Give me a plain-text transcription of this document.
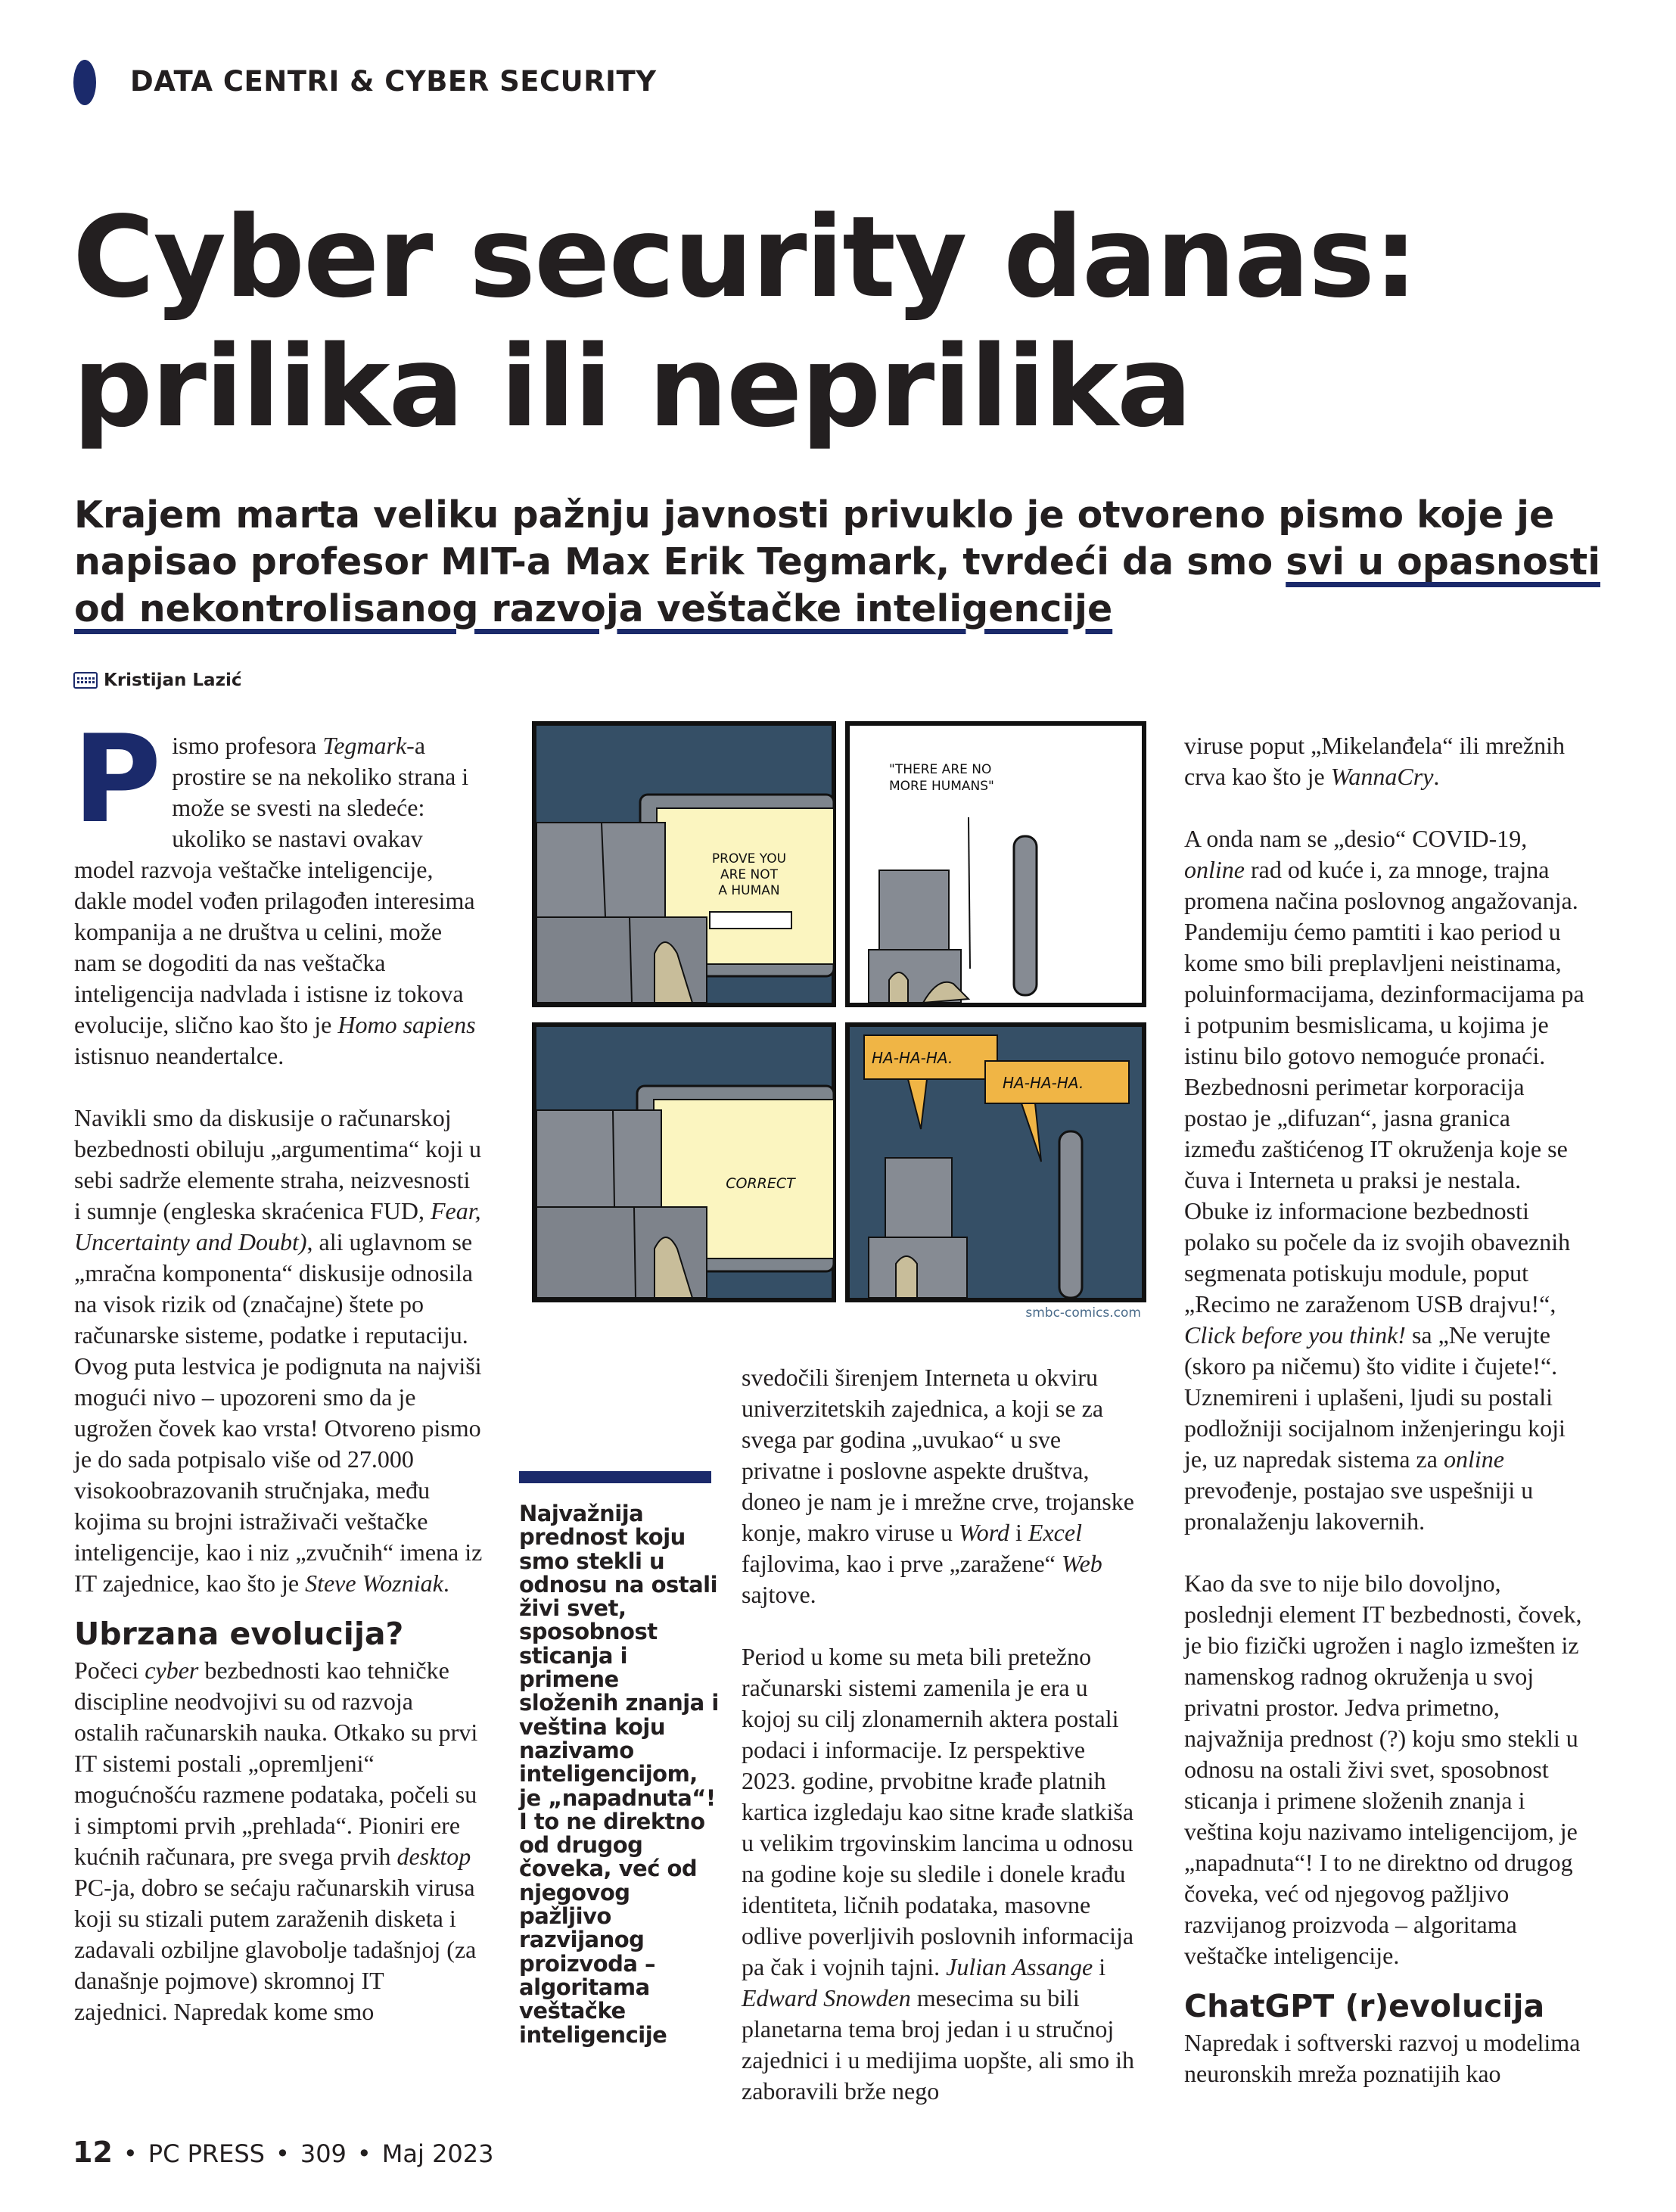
DATA CENTRI & CYBER SECURITY
Cyber security danas:
prilika ili neprilika
Krajem marta veliku pažnju javnosti privuklo je otvoreno pismo koje je napisao profesor MIT-a Max Erik Tegmark, tvrdeći da smo svi u opasnosti od nekontrolisanog razvoja veštačke inteligencije
Kristijan Lazić

Pismo profesora Tegmark-a prostire se na nekoliko strana i može se svesti na sledeće: ukoliko se nastavi ovakav model razvoja veštačke inteligencije, dakle model vođen prilagođen interesima kompanija a ne društva u celini, može nam se dogoditi da nas veštačka inteligencija nadvlada i istisne iz tokova evolucije, slično kao što je Homo sapiens istisnuo neandertalce.

Navikli smo da diskusije o računarskoj bezbednosti obiluju „argumentima“ koji u sebi sadrže elemente straha, neizvesnosti i sumnje (engleska skraćenica FUD, Fear, Uncertainty and Doubt), ali uglavnom se „mračna komponenta“ diskusije odnosila na visok rizik od (značajne) štete po računarske sisteme, podatke i reputaciju. Ovog puta lestvica je podignuta na najviši mogući nivo – upozoreni smo da je ugrožen čovek kao vrsta! Otvoreno pismo je do sada potpisalo više od 27.000 visokoobrazovanih stručnjaka, među kojima su brojni istraživači veštačke inteligencije, kao i niz „zvučnih“ imena iz IT zajednice, kao što je Steve Wozniak.

Ubrzana evolucija?

Počeci cyber bezbednosti kao tehničke discipline neodvojivi su od razvoja ostalih računarskih nauka. Otkako su prvi IT sistemi postali „opremljeni“ mogućnošću razmene podataka, počeli su i simptomi prvih „prehlada“. Pioniri ere kućnih računara, pre svega prvih desktop PC-ja, dobro se sećaju računarskih virusa koji su stizali putem zaraženih disketa i zadavali ozbiljne glavobolje tadašnjoj (za današnje pojmove) skromnoj IT zajednici. Napredak kome smo

PROVE YOU
ARE NOT
A HUMAN
"THERE ARE NO
MORE HUMANS"
CORRECT
HA-HA-HA.
HA-HA-HA.
smbc-comics.com
Najvažnija prednost koju smo stekli u odnosu na ostali živi svet, sposobnost sticanja i primene složenih znanja i veština koju nazivamo inteligencijom, je „napadnuta“! I to ne direktno od drugog čoveka, već od njegovog pažljivo razvijanog proizvoda – algoritama veštačke inteligencije

svedočili širenjem Interneta u okviru univerzitetskih zajednica, a koji se za svega par godina „uvukao“ u sve privatne i poslovne aspekte društva, doneo je nam je i mrežne crve, trojanske konje, makro viruse u Word i Excel fajlovima, kao i prve „zaražene“ Web sajtove.

Period u kome su meta bili pretežno računarski sistemi zamenila je era u kojoj su cilj zlonamernih aktera postali podaci i informacije. Iz perspektive 2023. godine, prvobitne krađe platnih kartica izgledaju kao sitne krađe slatkiša u velikim trgovinskim lancima u odnosu na godine koje su sledile i donele krađu identiteta, ličnih podataka, masovne odlive poverljivih poslovnih informacija pa čak i vojnih tajni. Julian Assange i Edward Snowden mesecima su bili planetarna tema broj jedan i u stručnoj zajednici i u medijima uopšte, ali smo ih zaboravili brže nego

viruse poput „Mikelanđela“ ili mrežnih crva kao što je WannaCry.

A onda nam se „desio“ COVID-19, online rad od kuće i, za mnoge, trajna promena načina poslovnog angažovanja. Pandemiju ćemo pamtiti i kao period u kome smo bili preplavljeni neistinama, poluinformacijama, dezinformacijama pa i potpunim besmislicama, u kojima je istinu bilo gotovo nemoguće pronaći. Bezbednosni perimetar korporacija postao je „difuzan“, jasna granica između zaštićenog IT okruženja koje se čuva i Interneta u praksi je nestala. Obuke iz informacione bezbednosti polako su počele da iz svojih obaveznih segmenata potiskuju module, poput „Recimo ne zaraženom USB drajvu!“, Click before you think! sa „Ne verujte (skoro pa ničemu) što vidite i čujete!“. Uznemireni i uplašeni, ljudi su postali podložniji socijalnom inženjeringu koji je, uz napredak sistema za online prevođenje, postajao sve uspešniji u pronalaženju lakovernih.

Kao da sve to nije bilo dovoljno, poslednji element IT bezbednosti, čovek, je bio fizički ugrožen i naglo izmešten iz namenskog radnog okruženja u svoj privatni prostor. Jedva primetno, najvažnija prednost (?) koju smo stekli u odnosu na ostali živi svet, sposobnost sticanja i primene složenih znanja i veština koju nazivamo inteligencijom, je „napadnuta“! I to ne direktno od drugog čoveka, već od njegovog pažljivo razvijanog proizvoda – algoritama veštačke inteligencije.

ChatGPT (r)evolucija

Napredak i softverski razvoj u modelima neuronskih mreža poznatijih kao

12 • PC PRESS • 309 • Maj 2023
